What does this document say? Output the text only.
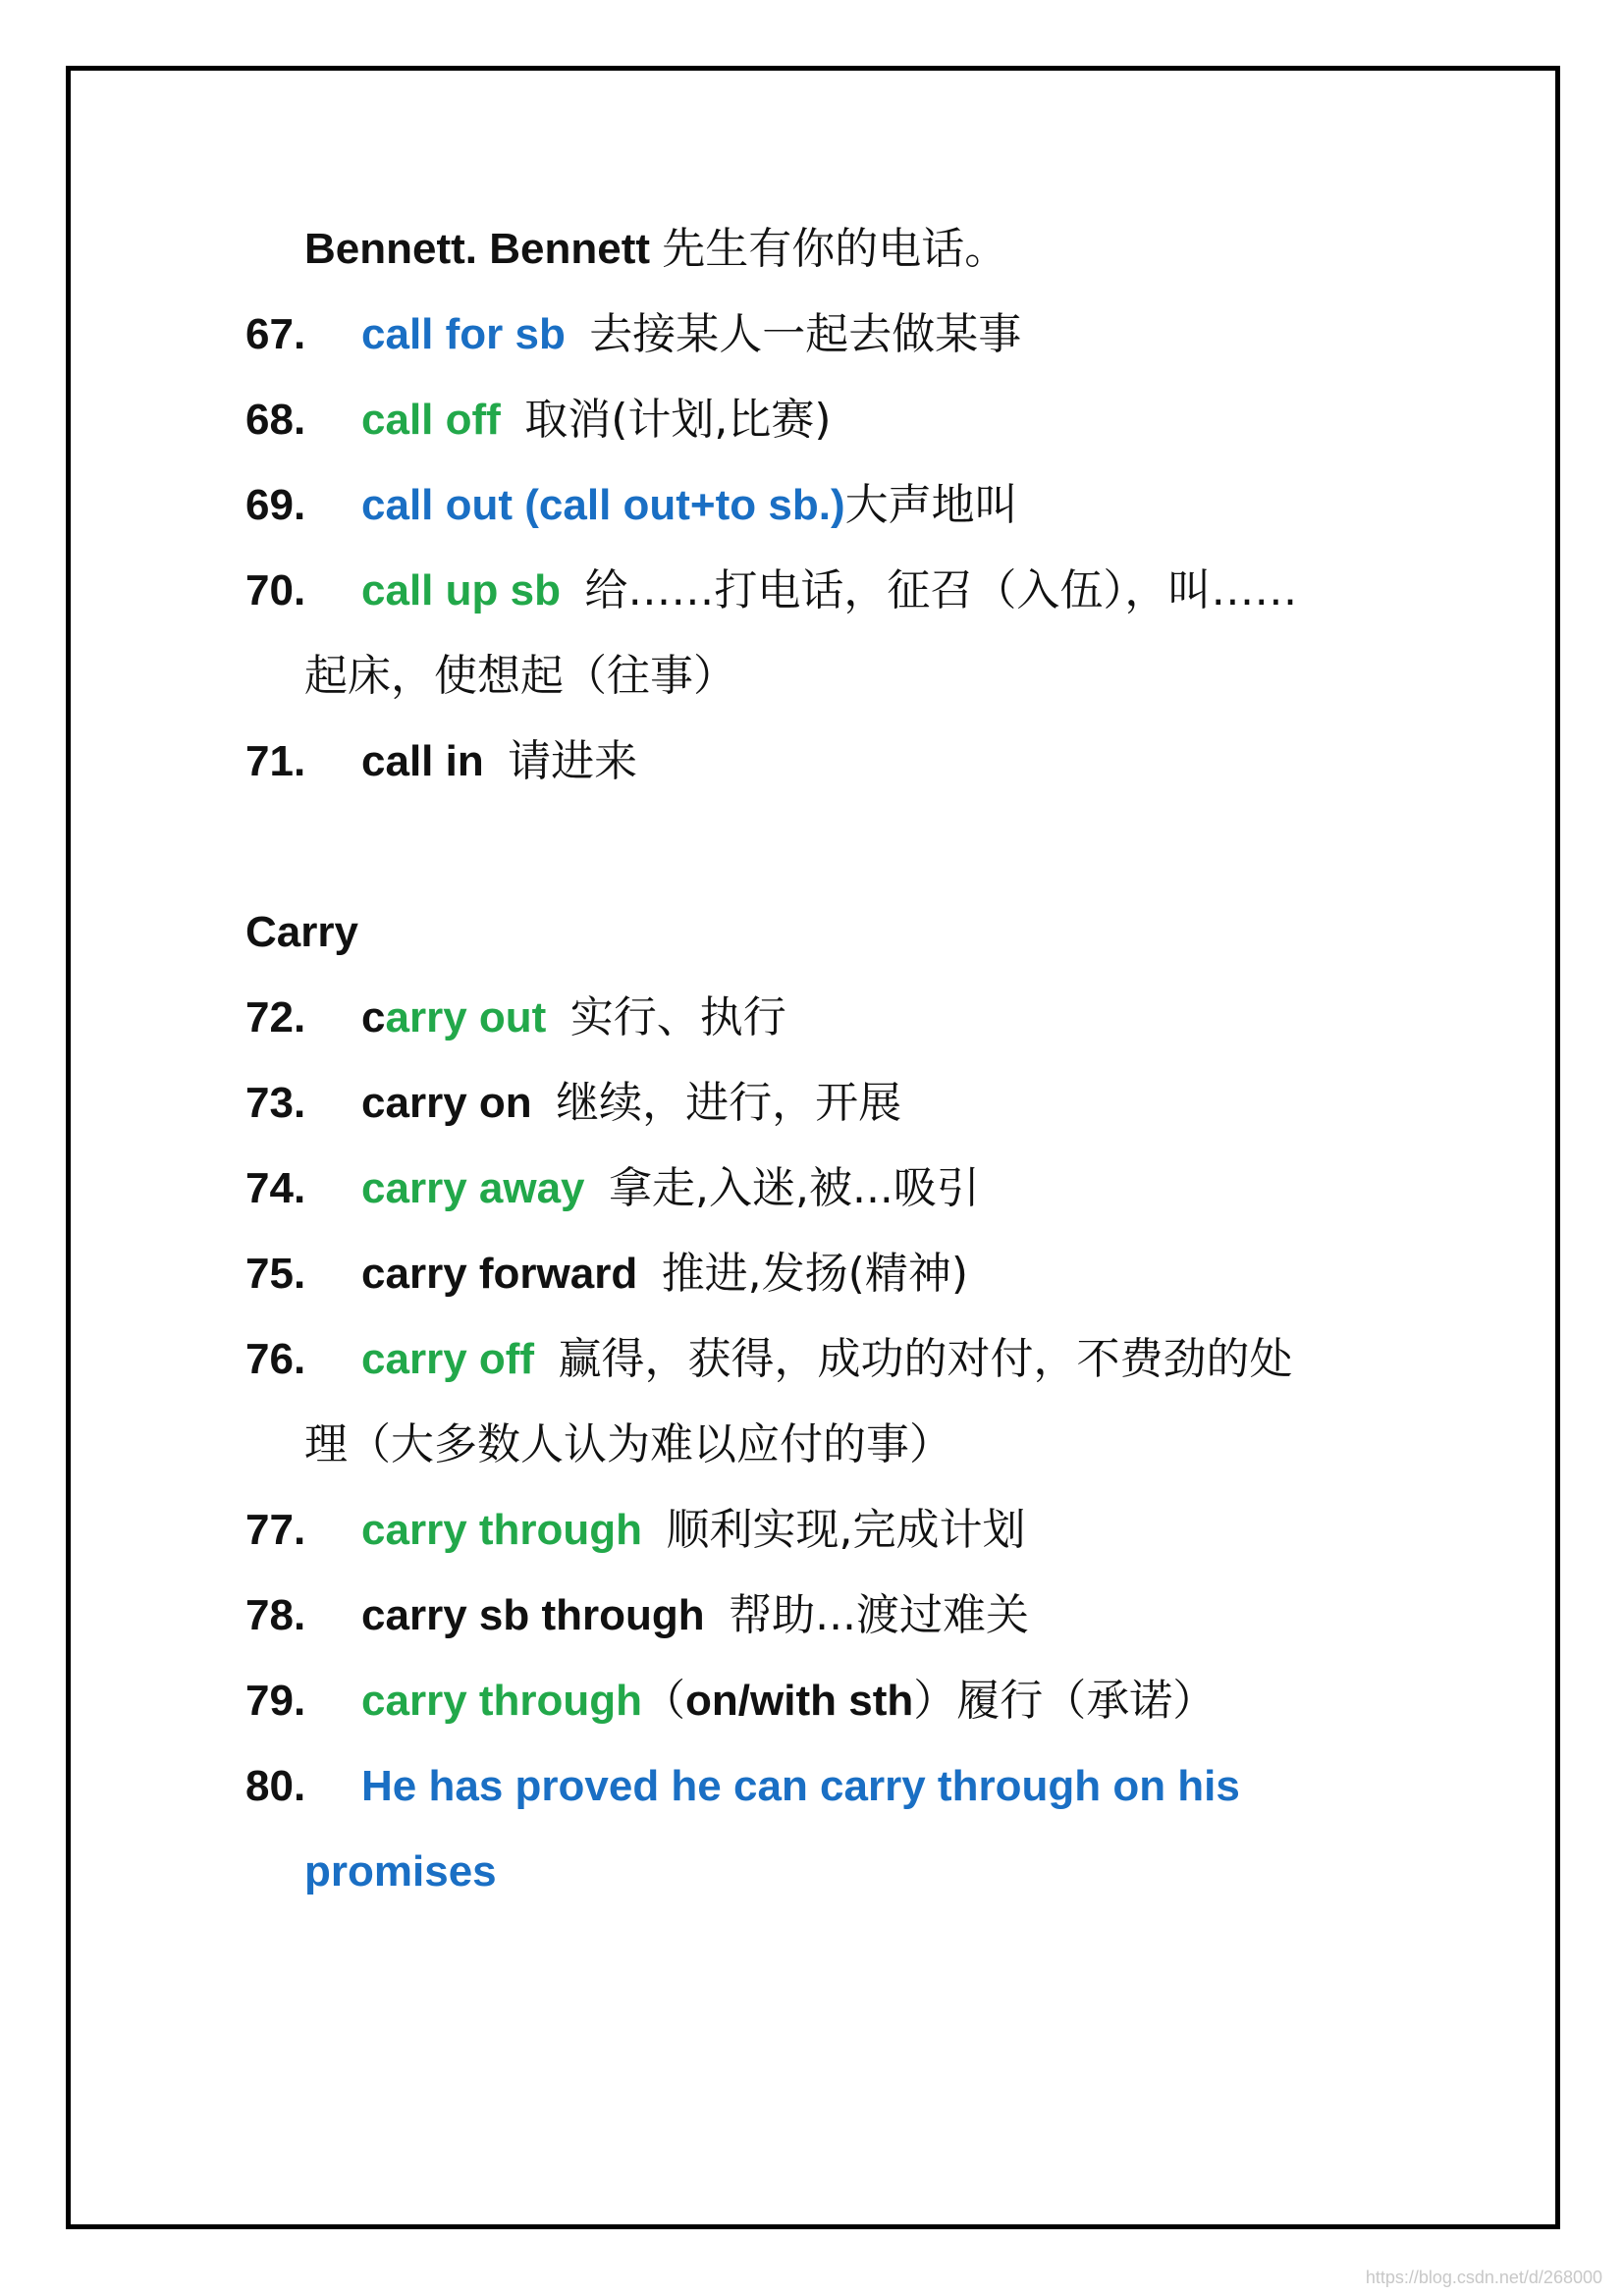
Bennett. Bennett 先生有你的电话。
67.	call for sb 去接某人一起去做某事
68.	call off 取消(计划,比赛)
69.	call out (call out+to sb.)大声地叫
70.	call up sb 给……打电话，征召（入伍），叫……
起床，使想起（往事）
71.	call in 请进来
Carry
72.	carry out 实行、执行
73.	carry on 继续，进行，开展
74.	carry away 拿走,入迷,被...吸引
75.	carry forward 推进,发扬(精神)
76.	carry off 赢得，获得，成功的对付，不费劲的处
理（大多数人认为难以应付的事）
77.	carry through 顺利实现,完成计划
78.	carry sb through 帮助...渡过难关
79.	carry through（on/with sth）履行（承诺）
80.	He has proved he can carry through on his
promises
https://blog.csdn.net/d/268000
